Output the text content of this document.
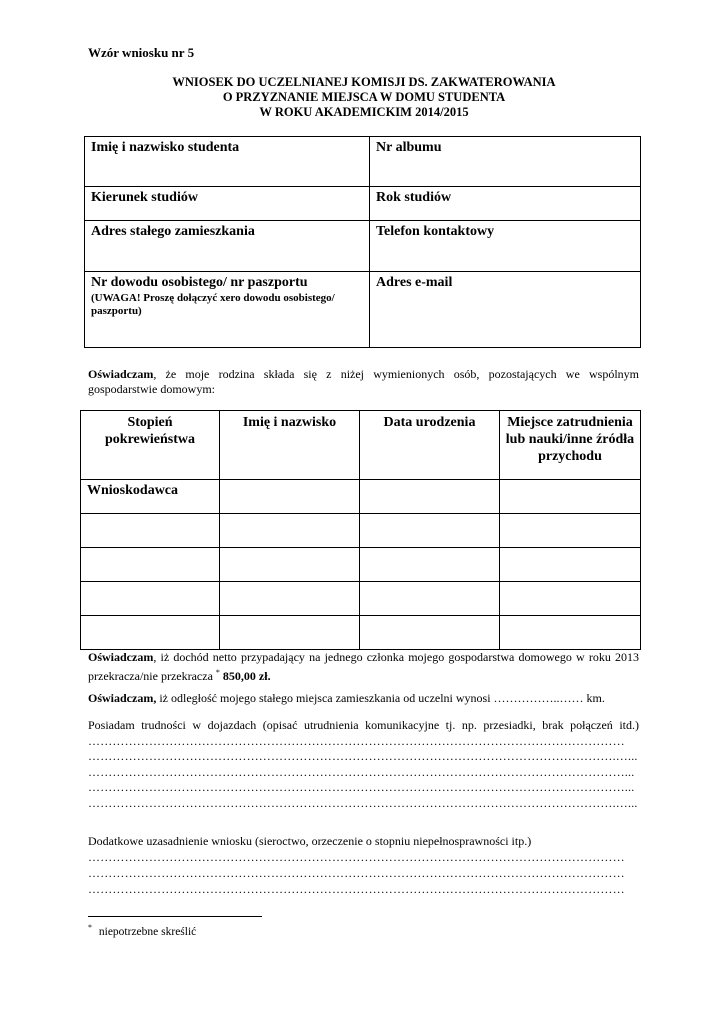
Wzór wniosku nr 5
WNIOSEK DO UCZELNIANEJ KOMISJI DS. ZAKWATEROWANIA
O PRZYZNANIE MIEJSCA W DOMU STUDENTA
W ROKU AKADEMICKIM 2014/2015
Imię i nazwisko studenta	Nr albumu
Kierunek studiów	Rok studiów
Adres stałego zamieszkania	Telefon kontaktowy

Nr dowodu osobistego/ nr paszportu
(UWAGA! Proszę dołączyć xero dowodu osobistego/
paszportu)	Adres e-mail
Oświadczam, że moje rodzina składa się z niżej wymienionych osób, pozostających we wspólnym
gospodarstwie domowym:
Stopień pokrewieństwa	Imię i nazwisko	Data urodzenia	Miejsce zatrudnienia lub nauki/inne źródła przychodu
Wnioskodawca			

Oświadczam, iż dochód netto przypadający na jednego członka mojego gospodarstwa domowego w roku 2013
przekracza/nie przekracza * 850,00 zł.
Oświadczam, iż odległość mojego stałego miejsca zamieszkania od uczelni wynosi ……………..…… km.
Posiadam trudności w dojazdach (opisać utrudnienia komunikacyjne tj. np. przesiadki, brak połączeń itd.)
……………………………………………………………………………………………………………………
………………………………………………………………………………………………………………….…...
……………………………………………………………………………………………………………………...
……………………………………………………………………………………………………………………...
………………………………………………………………………………………………………………….…...
Dodatkowe uzasadnienie wniosku (sieroctwo, orzeczenie o stopniu niepełnosprawności itp.)
……………………………………………………………………………………………………………………
……………………………………………………………………………………………………………………
……………………………………………………………………………………………………………………
* niepotrzebne skreślić
